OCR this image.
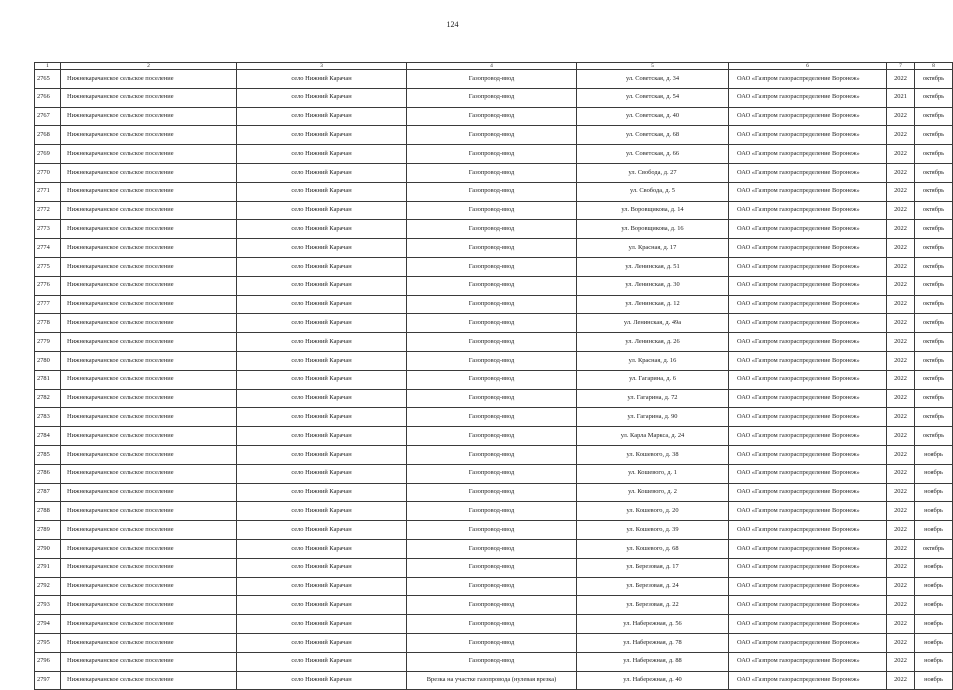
124
1	2	3	4	5	6	7	8
2765	Нижнекарачанское сельское поселение	село Нижний Карачан	Газопровод-ввод	ул. Советская, д. 34	ОАО «Газпром газораспределение Воронеж»	2022	октябрь
2766	Нижнекарачанское сельское поселение	село Нижний Карачан	Газопровод-ввод	ул. Советская, д. 54	ОАО «Газпром газораспределение Воронеж»	2021	октябрь
2767	Нижнекарачанское сельское поселение	село Нижний Карачан	Газопровод-ввод	ул. Советская, д. 40	ОАО «Газпром газораспределение Воронеж»	2022	октябрь
2768	Нижнекарачанское сельское поселение	село Нижний Карачан	Газопровод-ввод	ул. Советская, д. 68	ОАО «Газпром газораспределение Воронеж»	2022	октябрь
2769	Нижнекарачанское сельское поселение	село Нижний Карачан	Газопровод-ввод	ул. Советская, д. 66	ОАО «Газпром газораспределение Воронеж»	2022	октябрь
2770	Нижнекарачанское сельское поселение	село Нижний Карачан	Газопровод-ввод	ул. Свобода, д. 27	ОАО «Газпром газораспределение Воронеж»	2022	октябрь
2771	Нижнекарачанское сельское поселение	село Нижний Карачан	Газопровод-ввод	ул. Свобода, д. 5	ОАО «Газпром газораспределение Воронеж»	2022	октябрь
2772	Нижнекарачанское сельское поселение	село Нижний Карачан	Газопровод-ввод	ул. Воровщикова, д. 14	ОАО «Газпром газораспределение Воронеж»	2022	октябрь
2773	Нижнекарачанское сельское поселение	село Нижний Карачан	Газопровод-ввод	ул. Воровщикова, д. 16	ОАО «Газпром газораспределение Воронеж»	2022	октябрь
2774	Нижнекарачанское сельское поселение	село Нижний Карачан	Газопровод-ввод	ул. Красная, д. 17	ОАО «Газпром газораспределение Воронеж»	2022	октябрь
2775	Нижнекарачанское сельское поселение	село Нижний Карачан	Газопровод-ввод	ул. Ленинская, д. 51	ОАО «Газпром газораспределение Воронеж»	2022	октябрь
2776	Нижнекарачанское сельское поселение	село Нижний Карачан	Газопровод-ввод	ул. Ленинская, д. 30	ОАО «Газпром газораспределение Воронеж»	2022	октябрь
2777	Нижнекарачанское сельское поселение	село Нижний Карачан	Газопровод-ввод	ул. Ленинская, д. 12	ОАО «Газпром газораспределение Воронеж»	2022	октябрь
2778	Нижнекарачанское сельское поселение	село Нижний Карачан	Газопровод-ввод	ул. Ленинская, д. 49а	ОАО «Газпром газораспределение Воронеж»	2022	октябрь
2779	Нижнекарачанское сельское поселение	село Нижний Карачан	Газопровод-ввод	ул. Ленинская, д. 26	ОАО «Газпром газораспределение Воронеж»	2022	октябрь
2780	Нижнекарачанское сельское поселение	село Нижний Карачан	Газопровод-ввод	ул. Красная, д. 16	ОАО «Газпром газораспределение Воронеж»	2022	октябрь
2781	Нижнекарачанское сельское поселение	село Нижний Карачан	Газопровод-ввод	ул. Гагарина, д. 6	ОАО «Газпром газораспределение Воронеж»	2022	октябрь
2782	Нижнекарачанское сельское поселение	село Нижний Карачан	Газопровод-ввод	ул. Гагарина, д. 72	ОАО «Газпром газораспределение Воронеж»	2022	октябрь
2783	Нижнекарачанское сельское поселение	село Нижний Карачан	Газопровод-ввод	ул. Гагарина, д. 90	ОАО «Газпром газораспределение Воронеж»	2022	октябрь
2784	Нижнекарачанское сельское поселение	село Нижний Карачан	Газопровод-ввод	ул. Карла Маркса, д. 24	ОАО «Газпром газораспределение Воронеж»	2022	октябрь
2785	Нижнекарачанское сельское поселение	село Нижний Карачан	Газопровод-ввод	ул. Кошевого, д. 38	ОАО «Газпром газораспределение Воронеж»	2022	ноябрь
2786	Нижнекарачанское сельское поселение	село Нижний Карачан	Газопровод-ввод	ул. Кошевого, д. 1	ОАО «Газпром газораспределение Воронеж»	2022	ноябрь
2787	Нижнекарачанское сельское поселение	село Нижний Карачан	Газопровод-ввод	ул. Кошевого, д. 2	ОАО «Газпром газораспределение Воронеж»	2022	ноябрь
2788	Нижнекарачанское сельское поселение	село Нижний Карачан	Газопровод-ввод	ул. Кошевого, д. 20	ОАО «Газпром газораспределение Воронеж»	2022	ноябрь
2789	Нижнекарачанское сельское поселение	село Нижний Карачан	Газопровод-ввод	ул. Кошевого, д. 39	ОАО «Газпром газораспределение Воронеж»	2022	ноябрь
2790	Нижнекарачанское сельское поселение	село Нижний Карачан	Газопровод-ввод	ул. Кошевого, д. 68	ОАО «Газпром газораспределение Воронеж»	2022	октябрь
2791	Нижнекарачанское сельское поселение	село Нижний Карачан	Газопровод-ввод	ул. Березовая, д. 17	ОАО «Газпром газораспределение Воронеж»	2022	ноябрь
2792	Нижнекарачанское сельское поселение	село Нижний Карачан	Газопровод-ввод	ул. Березовая, д. 24	ОАО «Газпром газораспределение Воронеж»	2022	ноябрь
2793	Нижнекарачанское сельское поселение	село Нижний Карачан	Газопровод-ввод	ул. Березовая, д. 22	ОАО «Газпром газораспределение Воронеж»	2022	ноябрь
2794	Нижнекарачанское сельское поселение	село Нижний Карачан	Газопровод-ввод	ул. Набережная, д. 56	ОАО «Газпром газораспределение Воронеж»	2022	ноябрь
2795	Нижнекарачанское сельское поселение	село Нижний Карачан	Газопровод-ввод	ул. Набережная, д. 78	ОАО «Газпром газораспределение Воронеж»	2022	ноябрь
2796	Нижнекарачанское сельское поселение	село Нижний Карачан	Газопровод-ввод	ул. Набережная, д. 88	ОАО «Газпром газораспределение Воронеж»	2022	ноябрь
2797	Нижнекарачанское сельское поселение	село Нижний Карачан	Врезка на участке газопровода (нулевая врезка)	ул. Набережная, д. 40	ОАО «Газпром газораспределение Воронеж»	2022	ноябрь
